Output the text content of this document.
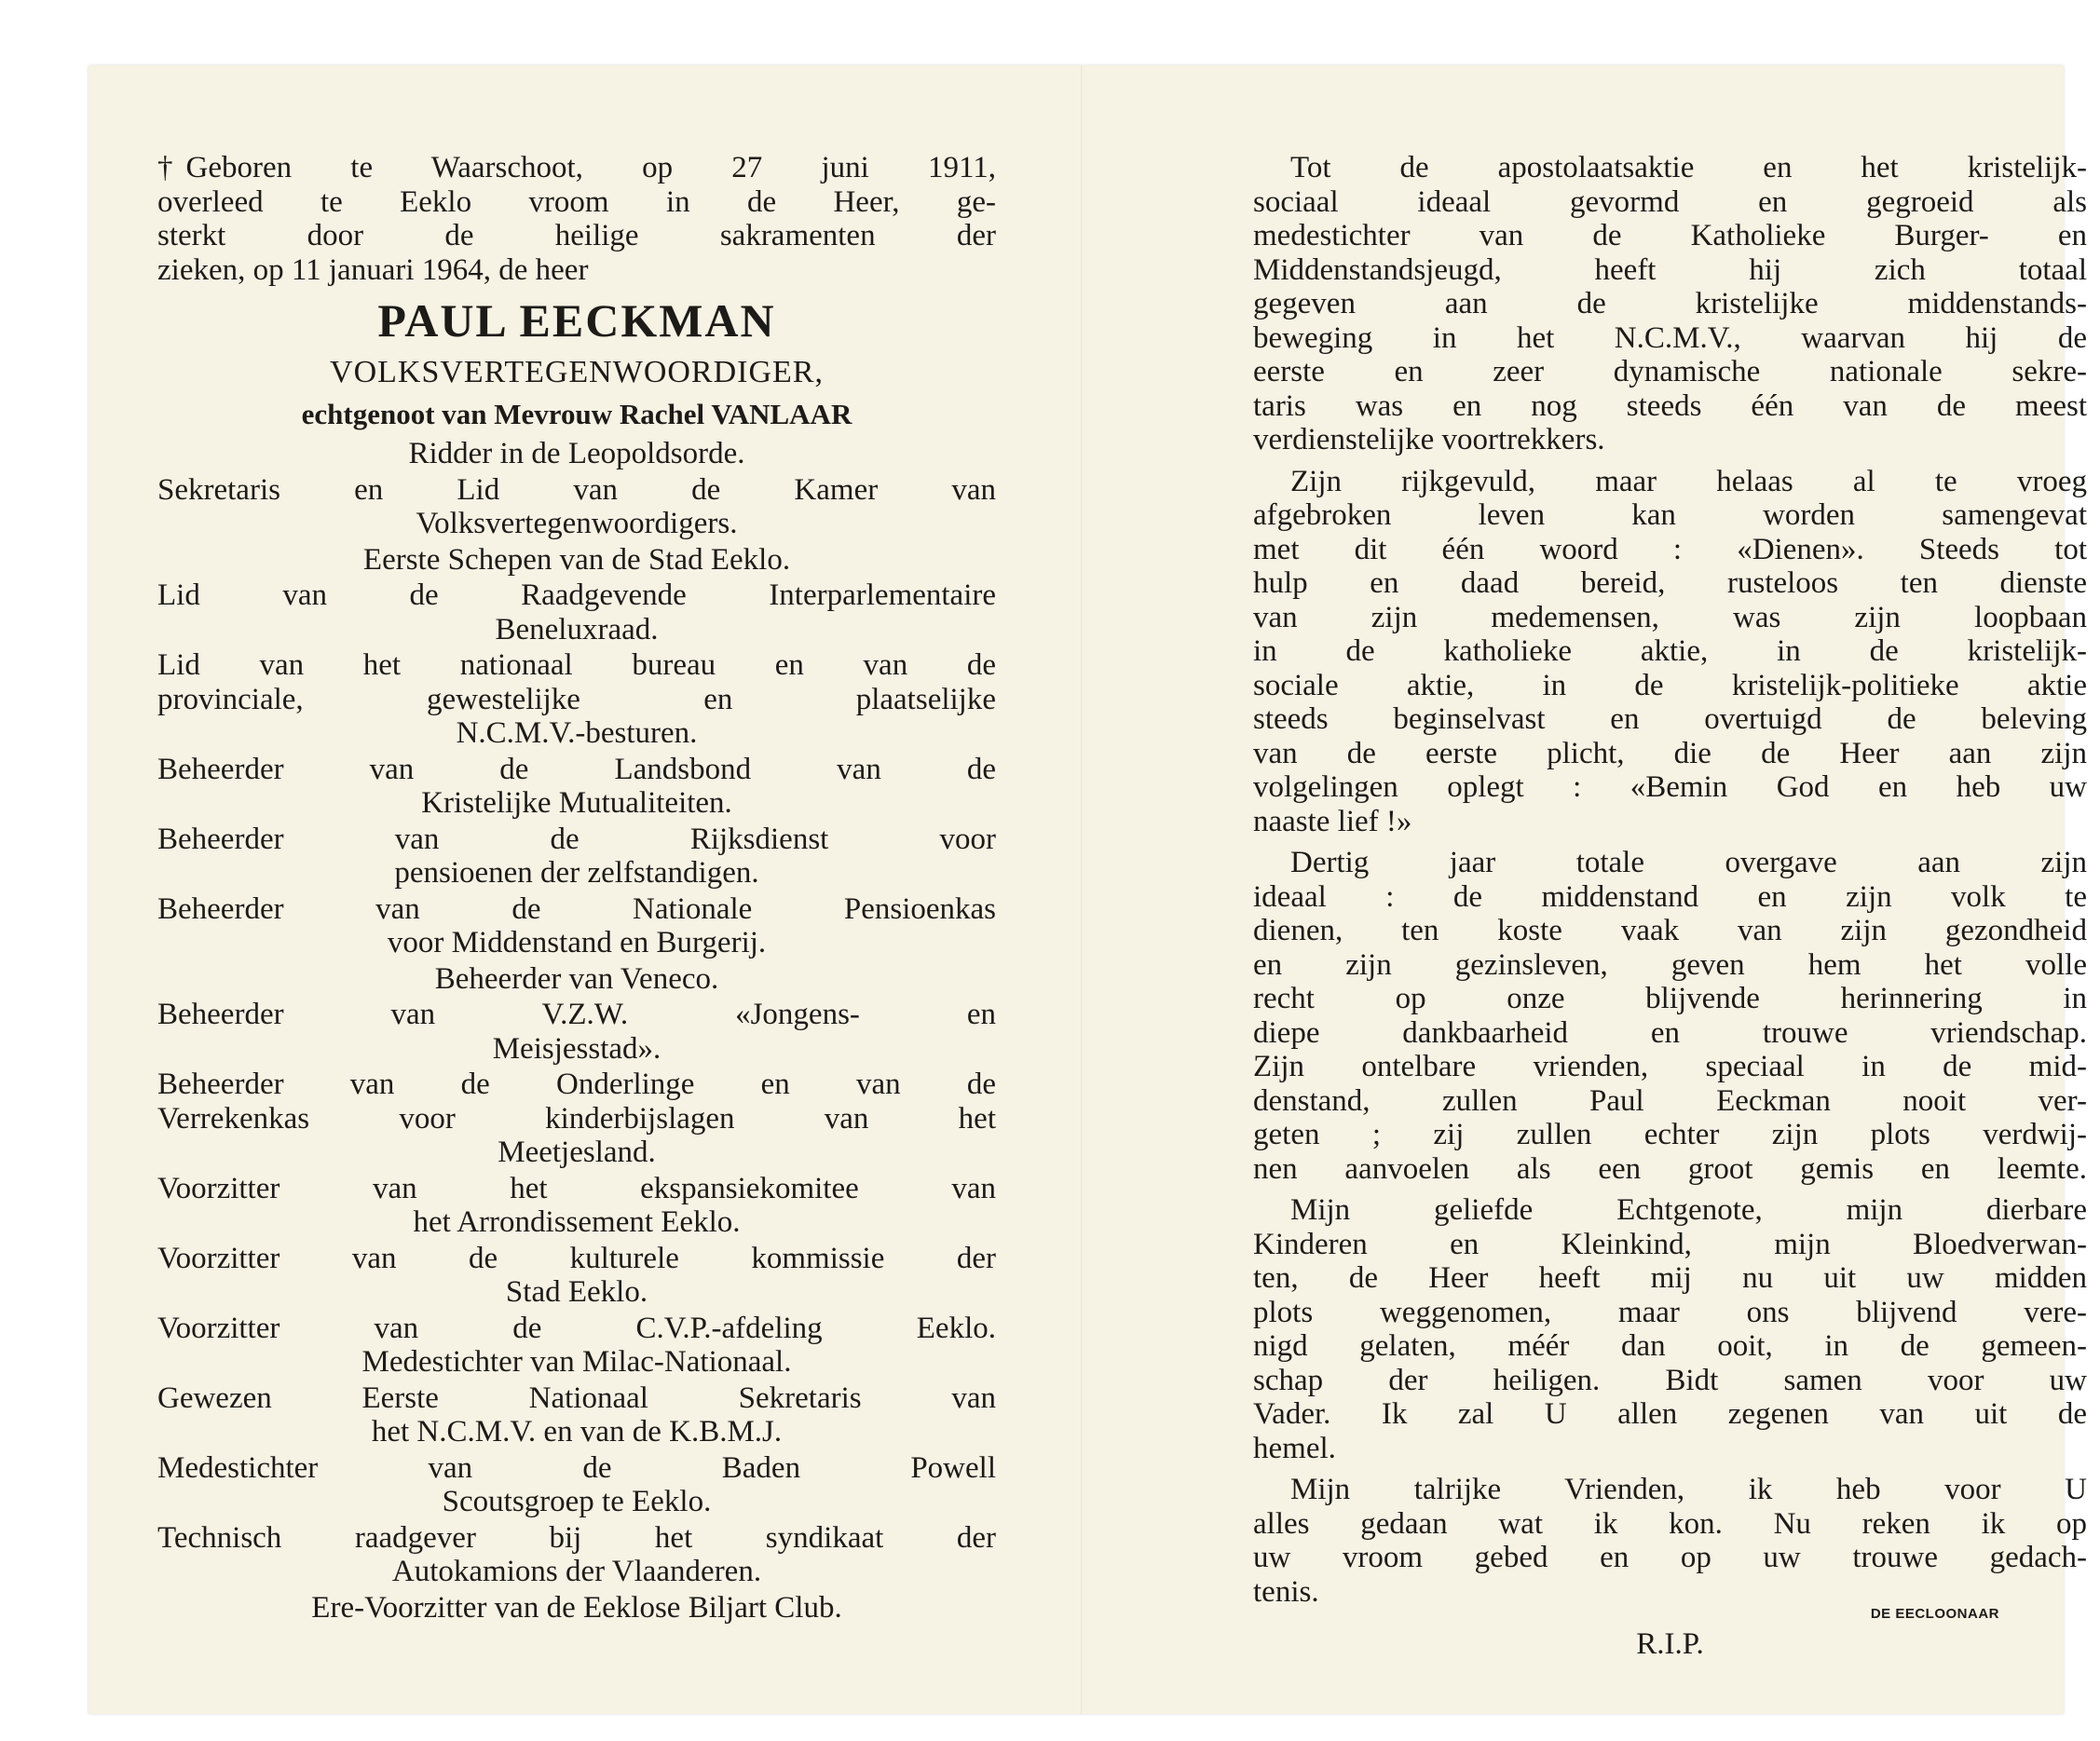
† Geboren te Waarschoot, op 27 juni 1911,
overleed te Eeklo vroom in de Heer, ge-
sterkt door de heilige sakramenten der
zieken, op 11 januari 1964, de heer
PAUL EECKMAN
VOLKSVERTEGENWOORDIGER,
echtgenoot van Mevrouw Rachel VANLAAR
Ridder in de Leopoldsorde.
Sekretaris en Lid van de Kamer van
Volksvertegenwoordigers.
Eerste Schepen van de Stad Eeklo.
Lid van de Raadgevende Interparlementaire
Beneluxraad.
Lid van het nationaal bureau en van de
provinciale, gewestelijke en plaatselijke
N.C.M.V.-besturen.
Beheerder van de Landsbond van de
Kristelijke Mutualiteiten.
Beheerder van de Rijksdienst voor
pensioenen der zelfstandigen.
Beheerder van de Nationale Pensioenkas
voor Middenstand en Burgerij.
Beheerder van Veneco.
Beheerder van V.Z.W. «Jongens- en
Meisjesstad».
Beheerder van de Onderlinge en van de
Verrekenkas voor kinderbijslagen van het
Meetjesland.
Voorzitter van het ekspansiekomitee van
het Arrondissement Eeklo.
Voorzitter van de kulturele kommissie der
Stad Eeklo.
Voorzitter van de C.V.P.-afdeling Eeklo.
Medestichter van Milac-Nationaal.
Gewezen Eerste Nationaal Sekretaris van
het N.C.M.V. en van de K.B.M.J.
Medestichter van de Baden Powell
Scoutsgroep te Eeklo.
Technisch raadgever bij het syndikaat der
Autokamions der Vlaanderen.
Ere-Voorzitter van de Eeklose Biljart Club.
Tot de apostolaatsaktie en het kristelijk-
sociaal ideaal gevormd en gegroeid als
medestichter van de Katholieke Burger- en
Middenstandsjeugd, heeft hij zich totaal
gegeven aan de kristelijke middenstands-
beweging in het N.C.M.V., waarvan hij de
eerste en zeer dynamische nationale sekre-
taris was en nog steeds één van de meest
verdienstelijke voortrekkers.
Zijn rijkgevuld, maar helaas al te vroeg
afgebroken leven kan worden samengevat
met dit één woord : «Dienen». Steeds tot
hulp en daad bereid, rusteloos ten dienste
van zijn medemensen, was zijn loopbaan
in de katholieke aktie, in de kristelijk-
sociale aktie, in de kristelijk-politieke aktie
steeds beginselvast en overtuigd de beleving
van de eerste plicht, die de Heer aan zijn
volgelingen oplegt : «Bemin God en heb uw
naaste lief !»
Dertig jaar totale overgave aan zijn
ideaal : de middenstand en zijn volk te
dienen, ten koste vaak van zijn gezondheid
en zijn gezinsleven, geven hem het volle
recht op onze blijvende herinnering in
diepe dankbaarheid en trouwe vriendschap.
Zijn ontelbare vrienden, speciaal in de mid-
denstand, zullen Paul Eeckman nooit ver-
geten ; zij zullen echter zijn plots verdwij-
nen aanvoelen als een groot gemis en leemte.
Mijn geliefde Echtgenote, mijn dierbare
Kinderen en Kleinkind, mijn Bloedverwan-
ten, de Heer heeft mij nu uit uw midden
plots weggenomen, maar ons blijvend vere-
nigd gelaten, méér dan ooit, in de gemeen-
schap der heiligen. Bidt samen voor uw
Vader. Ik zal U allen zegenen van uit de
hemel.
Mijn talrijke Vrienden, ik heb voor U
alles gedaan wat ik kon. Nu reken ik op
uw vroom gebed en op uw trouwe gedach-
tenis.
R.I.P.
DE EECLOONAAR
